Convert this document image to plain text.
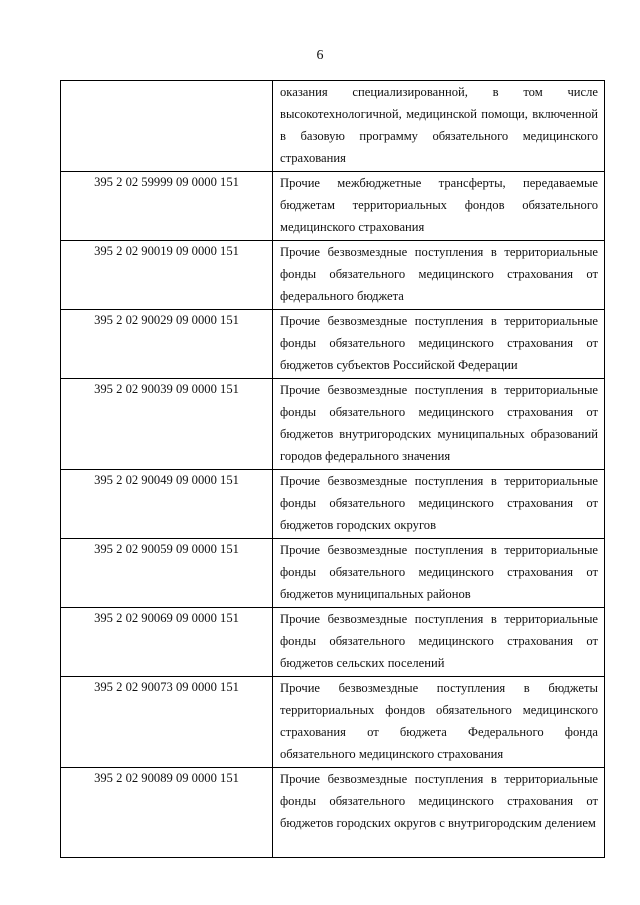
6
	оказания специализированной, в том числе высокотехнологичной, медицинской помощи, включенной в базовую программу обязательного медицинского страхования
395 2 02 59999 09 0000 151	Прочие межбюджетные трансферты, передаваемые бюджетам территориальных фондов обязательного медицинского страхования
395 2 02 90019 09 0000 151	Прочие безвозмездные поступления в территориальные фонды обязательного медицинского страхования от федерального бюджета
395 2 02 90029 09 0000 151	Прочие безвозмездные поступления в территориальные фонды обязательного медицинского страхования от бюджетов субъектов Российской Федерации
395 2 02 90039 09 0000 151	Прочие безвозмездные поступления в территориальные фонды обязательного медицинского страхования от бюджетов внутригородских муниципальных образований городов федерального значения
395 2 02 90049 09 0000 151	Прочие безвозмездные поступления в территориальные фонды обязательного медицинского страхования от бюджетов городских округов
395 2 02 90059 09 0000 151	Прочие безвозмездные поступления в территориальные фонды обязательного медицинского страхования от бюджетов муниципальных районов
395 2 02 90069 09 0000 151	Прочие безвозмездные поступления в территориальные фонды обязательного медицинского страхования от бюджетов сельских поселений
395 2 02 90073 09 0000 151	Прочие безвозмездные поступления в бюджеты территориальных фондов обязательного медицинского страхования от бюджета Федерального фонда обязательного медицинского страхования
395 2 02 90089 09 0000 151	Прочие безвозмездные поступления в территориальные фонды обязательного медицинского страхования от бюджетов городских округов с внутригородским делением
